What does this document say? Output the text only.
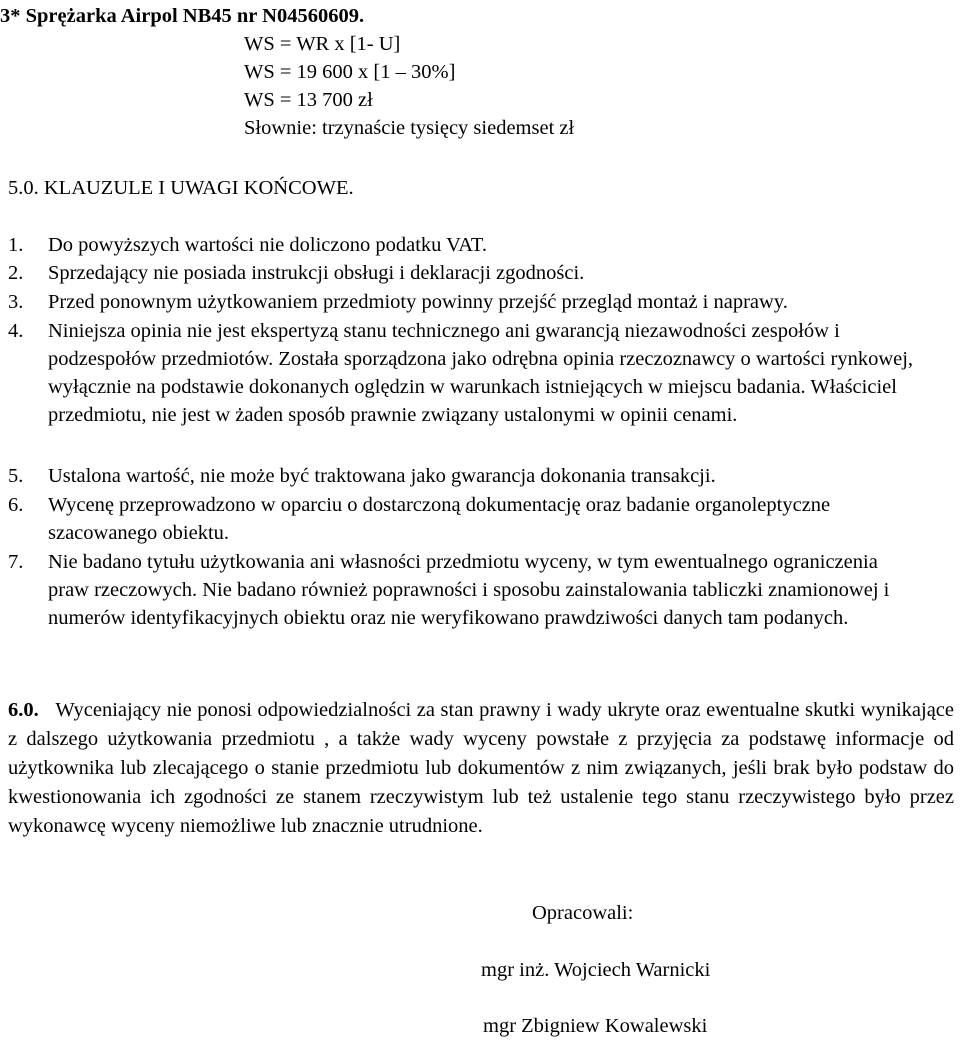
3* Sprężarka Airpol NB45 nr N04560609.
WS = WR x [1- U]
WS = 19 600 x [1 – 30%]
WS = 13 700 zł
Słownie: trzynaście tysięcy siedemset zł
5.0. KLAUZULE I UWAGI KOŃCOWE.
1. Do powyższych wartości nie doliczono podatku VAT.
2. Sprzedający nie posiada instrukcji obsługi i deklaracji zgodności.
3. Przed ponownym użytkowaniem przedmioty powinny przejść przegląd montaż i naprawy.
4. Niniejsza opinia nie jest ekspertyzą stanu technicznego ani gwarancją niezawodności zespołów i podzespołów przedmiotów. Została sporządzona jako odrębna opinia rzeczoznawcy o wartości rynkowej, wyłącznie na podstawie dokonanych oględzin w warunkach istniejących w miejscu badania. Właściciel przedmiotu, nie jest w żaden sposób prawnie związany ustalonymi w opinii cenami.
5. Ustalona wartość, nie może być traktowana jako gwarancja dokonania transakcji.
6. Wycenę przeprowadzono w oparciu o dostarczoną dokumentację oraz badanie organoleptyczne szacowanego obiektu.
7. Nie badano tytułu użytkowania ani własności przedmiotu wyceny, w tym ewentualnego ograniczenia praw rzeczowych. Nie badano również poprawności i sposobu zainstalowania tabliczki znamionowej i numerów identyfikacyjnych obiektu oraz nie weryfikowano prawdziwości danych tam podanych.
6.0. Wyceniający nie ponosi odpowiedzialności za stan prawny i wady ukryte oraz ewentualne skutki wynikające z dalszego użytkowania przedmiotu , a także wady wyceny powstałe z przyjęcia za podstawę informacje od użytkownika lub zlecającego o stanie przedmiotu lub dokumentów z nim związanych, jeśli brak było podstaw do kwestionowania ich zgodności ze stanem rzeczywistym lub też ustalenie tego stanu rzeczywistego było przez wykonawcę wyceny niemożliwe lub znacznie utrudnione.
Opracowali:
mgr inż. Wojciech Warnicki
mgr Zbigniew Kowalewski
